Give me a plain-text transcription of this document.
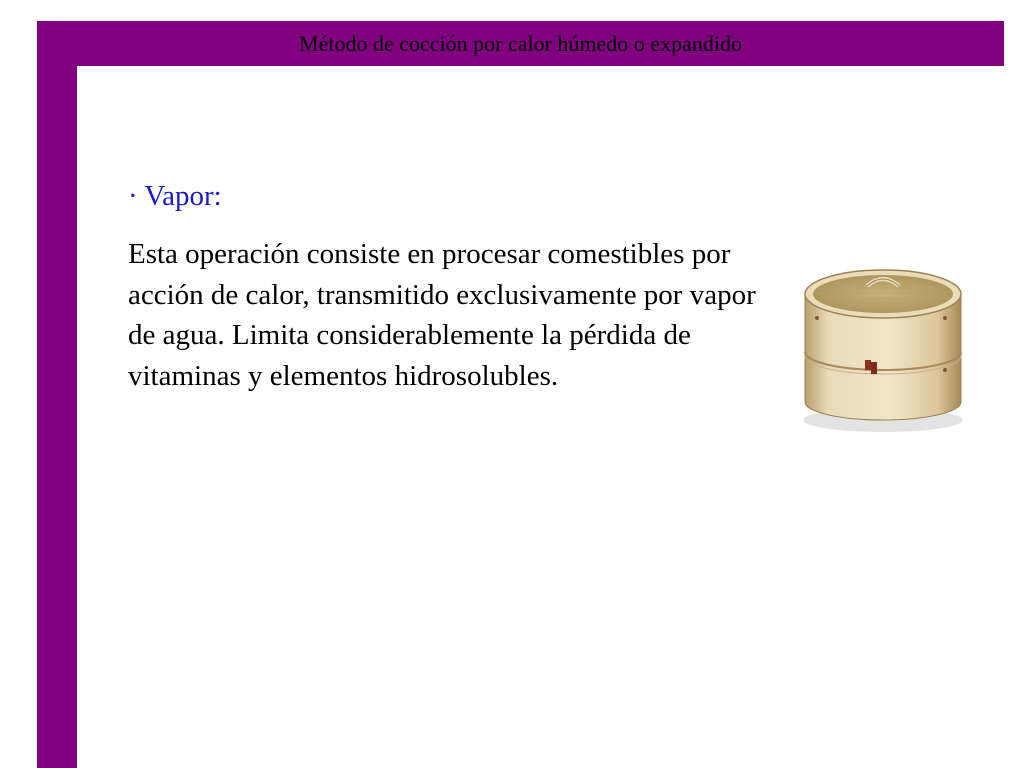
Método de cocción por calor húmedo o expandido

· Vapor:

Esta operación consiste en procesar comestibles por acción de calor, transmitido exclusivamente por vapor de agua. Limita considerablemente la pérdida de vitaminas y elementos hidrosolubles.
